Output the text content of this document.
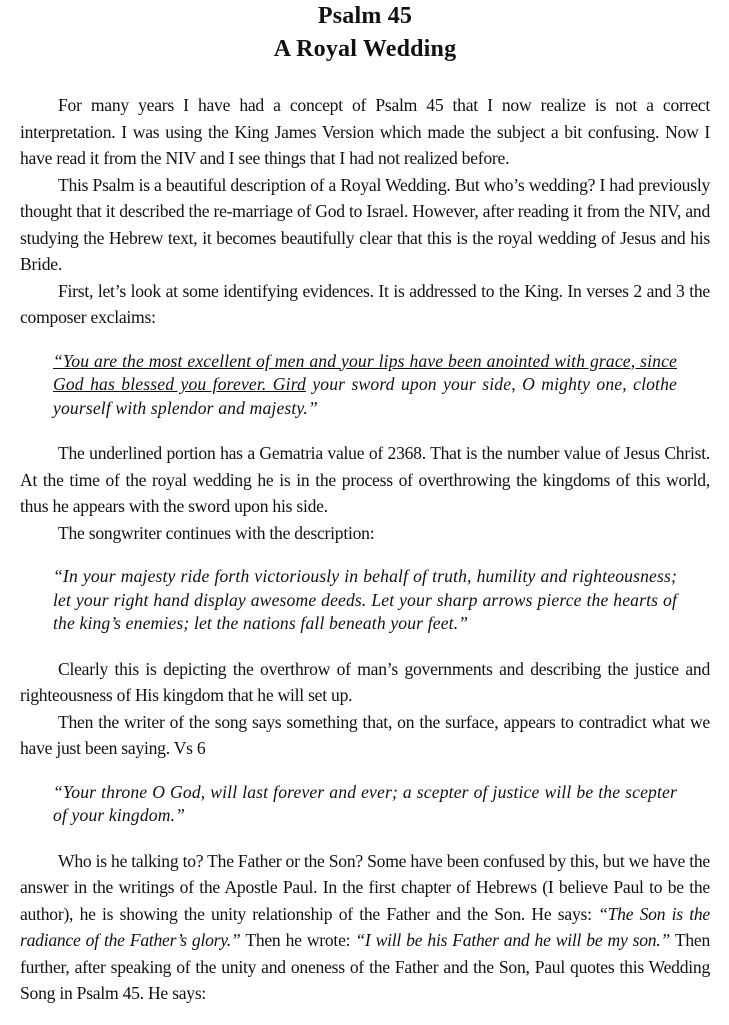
Psalm 45
A Royal Wedding

For many years I have had a concept of Psalm 45 that I now realize is not a correct interpretation. I was using the King James Version which made the subject a bit confusing. Now I have read it from the NIV and I see things that I had not realized before.

This Psalm is a beautiful description of a Royal Wedding. But who’s wedding? I had previously thought that it described the re-marriage of God to Israel. However, after reading it from the NIV, and studying the Hebrew text, it becomes beautifully clear that this is the royal wedding of Jesus and his Bride.

First, let’s look at some identifying evidences. It is addressed to the King. In verses 2 and 3 the composer exclaims:

“You are the most excellent of men and your lips have been anointed with grace, since God has blessed you forever. Gird your sword upon your side, O mighty one, clothe yourself with splendor and majesty.”

The underlined portion has a Gematria value of 2368. That is the number value of Jesus Christ. At the time of the royal wedding he is in the process of overthrowing the kingdoms of this world, thus he appears with the sword upon his side.

The songwriter continues with the description:

“In your majesty ride forth victoriously in behalf of truth, humility and righteousness; let your right hand display awesome deeds. Let your sharp arrows pierce the hearts of the king’s enemies; let the nations fall beneath your feet.”

Clearly this is depicting the overthrow of man’s governments and describing the justice and righteousness of His kingdom that he will set up.

Then the writer of the song says something that, on the surface, appears to contradict what we have just been saying. Vs 6

“Your throne O God, will last forever and ever; a scepter of justice will be the scepter of your kingdom.”

Who is he talking to? The Father or the Son? Some have been confused by this, but we have the answer in the writings of the Apostle Paul. In the first chapter of Hebrews (I believe Paul to be the author), he is showing the unity relationship of the Father and the Son. He says: “The Son is the radiance of the Father’s glory.” Then he wrote: “I will be his Father and he will be my son.” Then further, after speaking of the unity and oneness of the Father and the Son, Paul quotes this Wedding Song in Psalm 45. He says:
